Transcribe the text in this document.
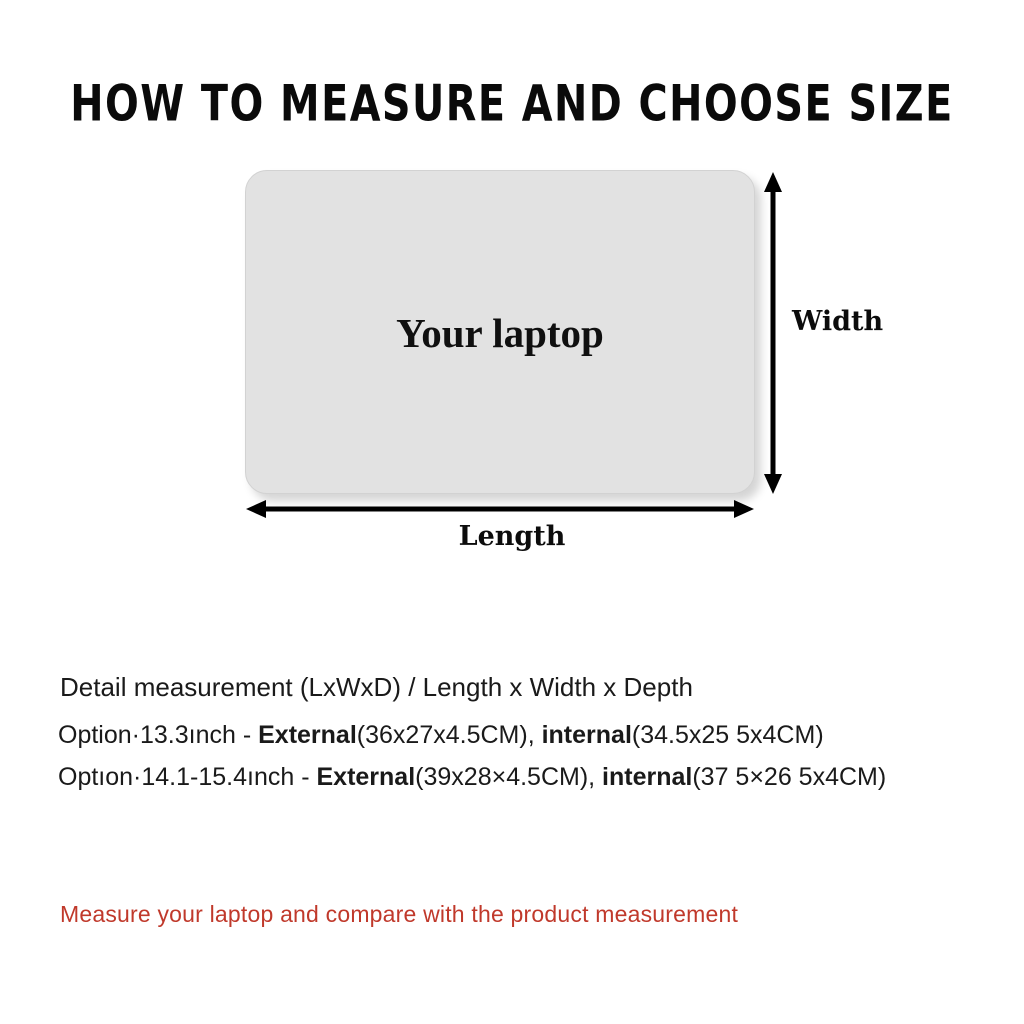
HOW TO MEASURE AND CHOOSE SIZE
Your laptop	Width
Length
Detail measurement (LxWxD) / Length x Width x Depth
Option·13.3ınch - External(36x27x4.5CM), internal(34.5x25 5x4CM)
Optıon·14.1-15.4ınch - External(39x28×4.5CM), internal(37 5×26 5x4CM)
Measure your laptop and compare with the product measurement
